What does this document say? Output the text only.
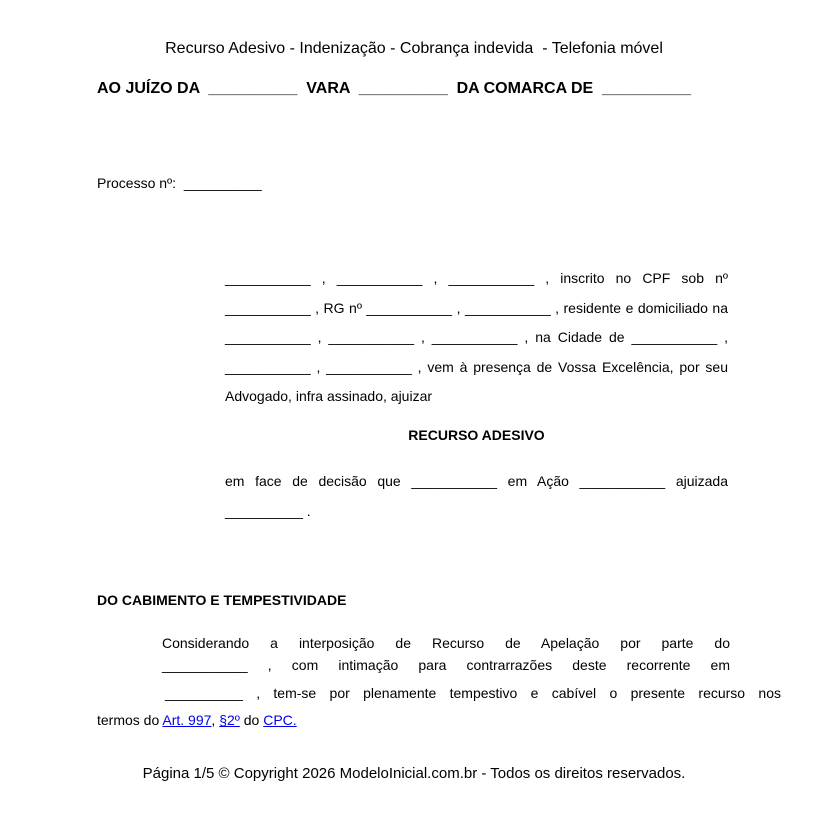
Recurso Adesivo - Indenização - Cobrança indevida  - Telefonia móvel
AO JUÍZO DA  __________  VARA  __________  DA COMARCA DE  __________
Processo nº:  __________
___________ , ___________ , ___________ , inscrito no CPF sob nº
___________ , RG nº ___________ , ___________ , residente e domiciliado na
___________ , ___________ , ___________ , na Cidade de ___________ ,
___________ , ___________ , vem à presença de Vossa Excelência, por seu
Advogado, infra assinado, ajuizar
RECURSO ADESIVO
em face de decisão que ___________ em Ação ___________ ajuizada
__________ .
DO CABIMENTO E TEMPESTIVIDADE
Considerando a interposição de Recurso de Apelação por parte do
___________ , com intimação para contrarrazões deste recorrente em
__________ , tem-se por plenamente tempestivo e cabível o presente recurso nos
termos do Art. 997, §2º do CPC.
Página 1/5 © Copyright 2026 ModeloInicial.com.br - Todos os direitos reservados.
